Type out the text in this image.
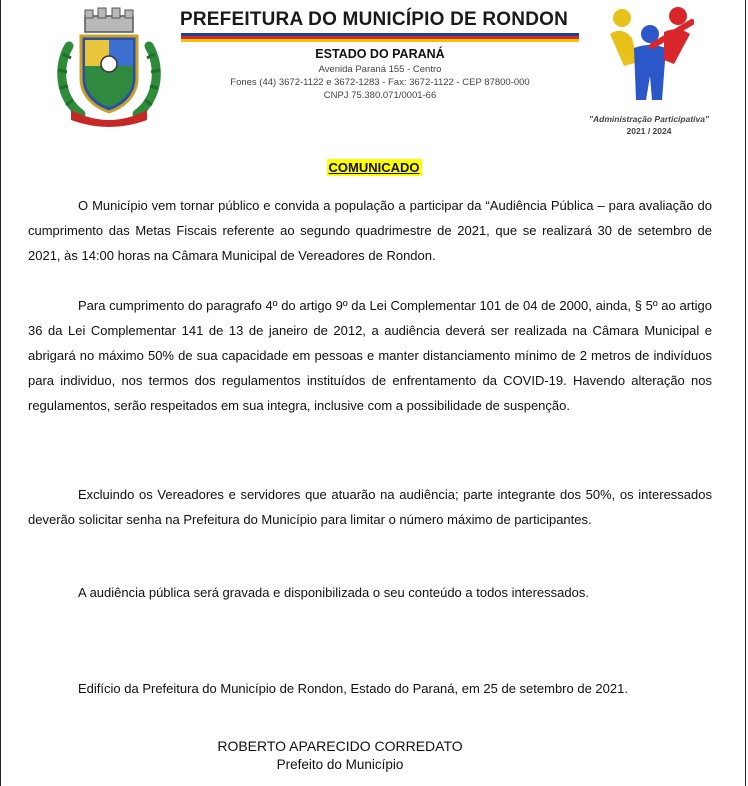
PREFEITURA DO MUNICÍPIO DE RONDON
ESTADO DO PARANÁ
Avenida Paraná 155 - Centro
Fones (44) 3672-1122 e 3672-1283 - Fax: 3672-1122 - CEP 87800-000
CNPJ 75.380.071/0001-66
"Administração Participativa"
2021 / 2024
COMUNICADO

O Município vem tornar público e convida a população a participar da “Audiência Pública – para avaliação do cumprimento das Metas Fiscais referente ao segundo quadrimestre de 2021, que se realizará 30 de setembro de 2021, às 14:00 horas na Câmara Municipal de Vereadores de Rondon.

Para cumprimento do paragrafo 4º do artigo 9º da Lei Complementar 101 de 04 de 2000, ainda, § 5º ao artigo 36 da Lei Complementar 141 de 13 de janeiro de 2012, a audiência deverá ser realizada na Câmara Municipal e abrigará no máximo 50% de sua capacidade em pessoas e manter distanciamento mínimo de 2 metros de indivíduos para individuo, nos termos dos regulamentos instituídos de enfrentamento da COVID-19. Havendo alteração nos regulamentos, serão respeitados em sua integra, inclusive com a possibilidade de suspenção.

Excluindo os Vereadores e servidores que atuarão na audiência; parte integrante dos 50%, os interessados deverão solicitar senha na Prefeitura do Município para limitar o número máximo de participantes.

A audiência pública será gravada e disponibilizada o seu conteúdo a todos interessados.

Edifício da Prefeitura do Município de Rondon, Estado do Paraná, em 25 de setembro de 2021.

ROBERTO APARECIDO CORREDATO
Prefeito do Município
